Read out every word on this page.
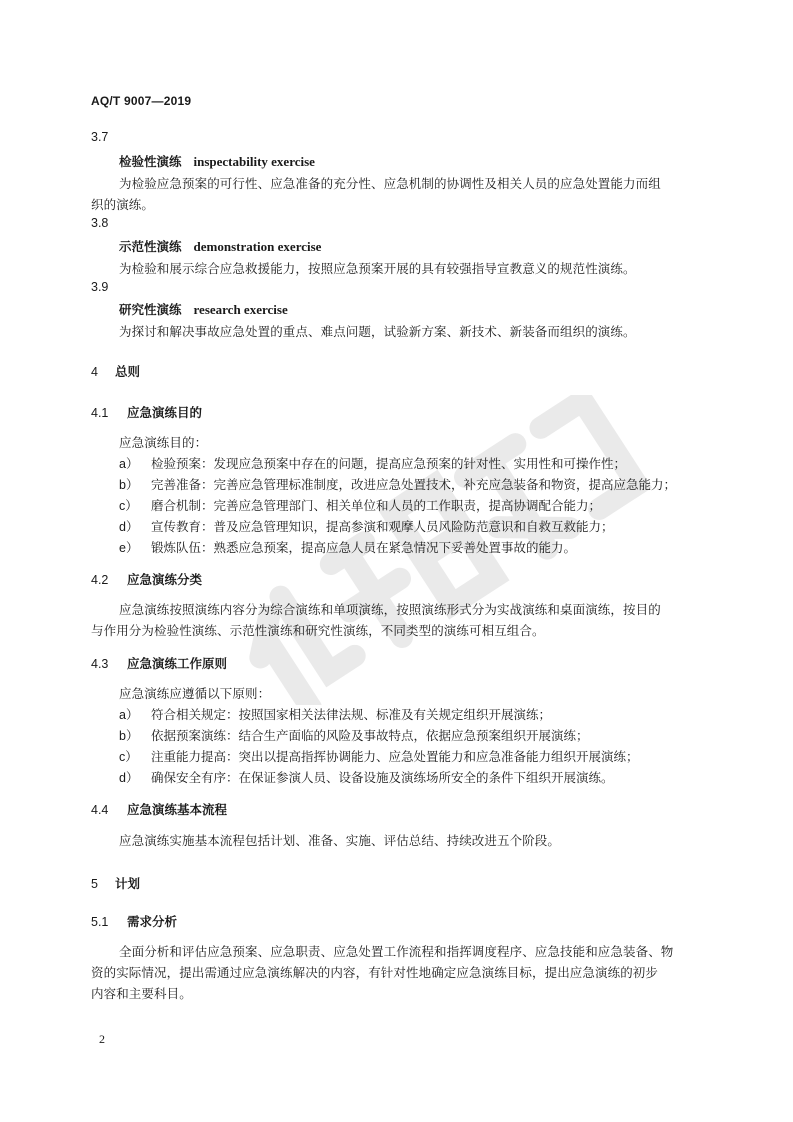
AQ/T 9007—2019
3.7
检验性演练 inspectability exercise
为检验应急预案的可行性、应急准备的充分性、应急机制的协调性及相关人员的应急处置能力而组
织的演练。
3.8
示范性演练 demonstration exercise
为检验和展示综合应急救援能力，按照应急预案开展的具有较强指导宣教意义的规范性演练。
3.9
研究性演练 research exercise
为探讨和解决事故应急处置的重点、难点问题，试验新方案、新技术、新装备而组织的演练。
4 总则
4.1 应急演练目的
应急演练目的：
a） 检验预案：发现应急预案中存在的问题，提高应急预案的针对性、实用性和可操作性；
b） 完善准备：完善应急管理标准制度，改进应急处置技术，补充应急装备和物资，提高应急能力；
c） 磨合机制：完善应急管理部门、相关单位和人员的工作职责，提高协调配合能力；
d） 宣传教育：普及应急管理知识，提高参演和观摩人员风险防范意识和自救互救能力；
e） 锻炼队伍：熟悉应急预案，提高应急人员在紧急情况下妥善处置事故的能力。
4.2 应急演练分类
应急演练按照演练内容分为综合演练和单项演练，按照演练形式分为实战演练和桌面演练，按目的
与作用分为检验性演练、示范性演练和研究性演练，不同类型的演练可相互组合。
4.3 应急演练工作原则
应急演练应遵循以下原则：
a） 符合相关规定：按照国家相关法律法规、标准及有关规定组织开展演练；
b） 依据预案演练：结合生产面临的风险及事故特点，依据应急预案组织开展演练；
c） 注重能力提高：突出以提高指挥协调能力、应急处置能力和应急准备能力组织开展演练；
d） 确保安全有序：在保证参演人员、设备设施及演练场所安全的条件下组织开展演练。
4.4 应急演练基本流程
应急演练实施基本流程包括计划、准备、实施、评估总结、持续改进五个阶段。
5 计划
5.1 需求分析
全面分析和评估应急预案、应急职责、应急处置工作流程和指挥调度程序、应急技能和应急装备、物
资的实际情况，提出需通过应急演练解决的内容，有针对性地确定应急演练目标，提出应急演练的初步
内容和主要科目。
2
